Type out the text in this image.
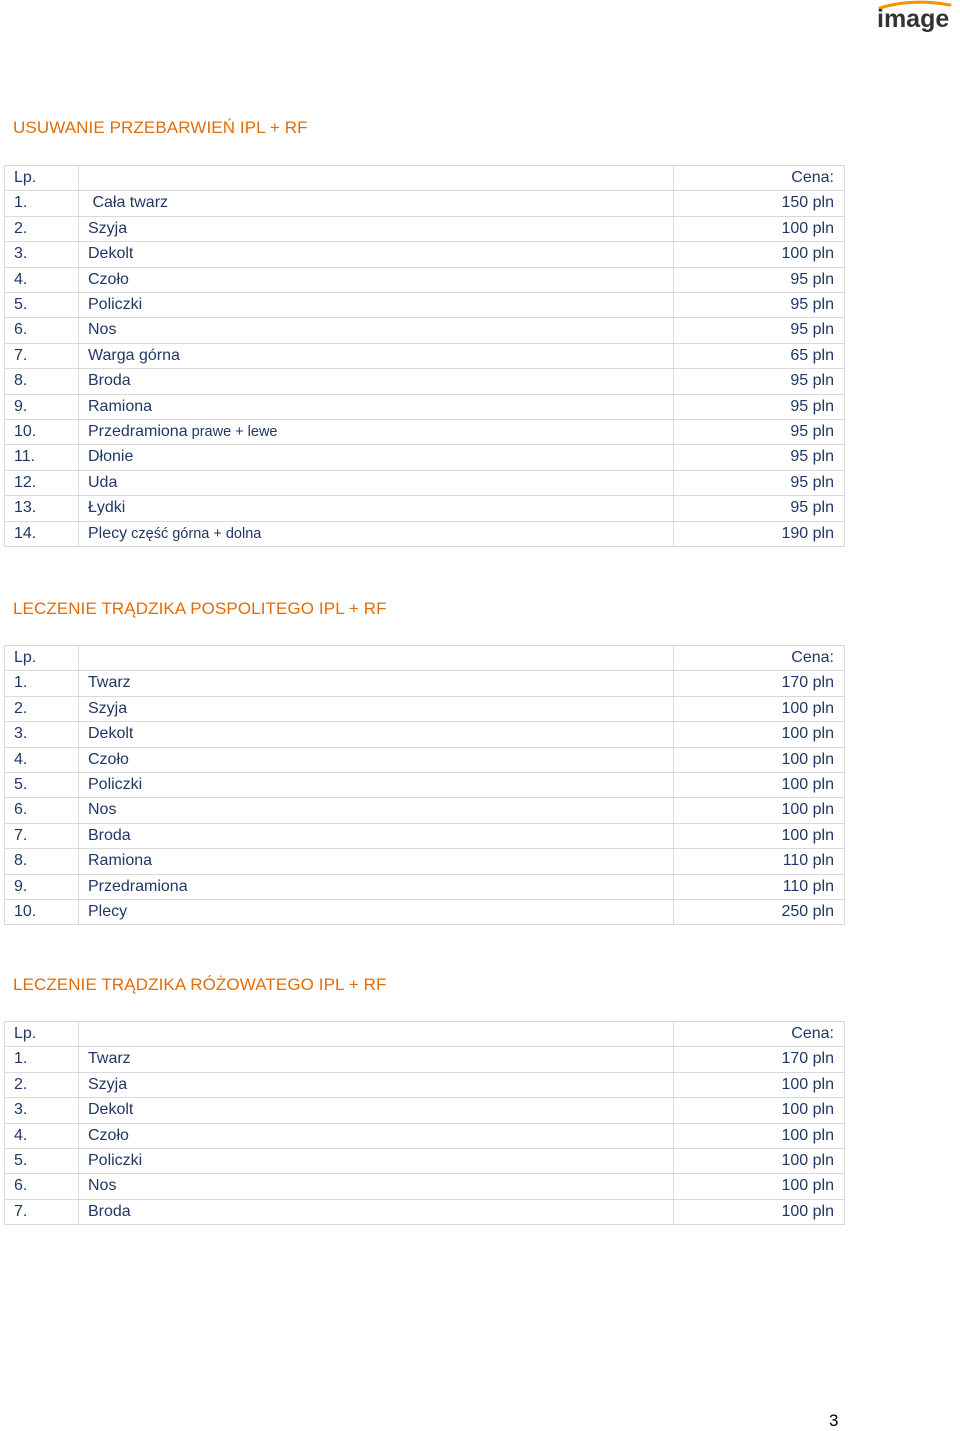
image
USUWANIE PRZEBARWIEŃ IPL + RF
Lp.		Cena:
1.	Cała twarz	150 pln
2.	Szyja	100 pln
3.	Dekolt	100 pln
4.	Czoło	95 pln
5.	Policzki	95 pln
6.	Nos	95 pln
7.	Warga górna	65 pln
8.	Broda	95 pln
9.	Ramiona	95 pln
10.	Przedramiona prawe + lewe	95 pln
11.	Dłonie	95 pln
12.	Uda	95 pln
13.	Łydki	95 pln
14.	Plecy część górna + dolna	190 pln
LECZENIE TRĄDZIKA POSPOLITEGO IPL + RF
Lp.		Cena:
1.	Twarz	170 pln
2.	Szyja	100 pln
3.	Dekolt	100 pln
4.	Czoło	100 pln
5.	Policzki	100 pln
6.	Nos	100 pln
7.	Broda	100 pln
8.	Ramiona	110 pln
9.	Przedramiona	110 pln
10.	Plecy	250 pln
LECZENIE TRĄDZIKA RÓŻOWATEGO IPL + RF
Lp.		Cena:
1.	Twarz	170 pln
2.	Szyja	100 pln
3.	Dekolt	100 pln
4.	Czoło	100 pln
5.	Policzki	100 pln
6.	Nos	100 pln
7.	Broda	100 pln
3
